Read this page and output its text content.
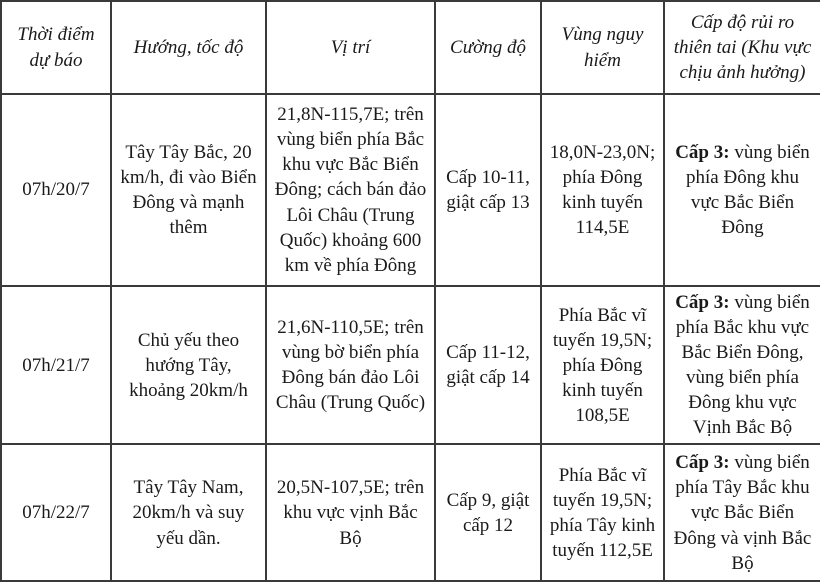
Thời điểm dự báo	Hướng, tốc độ	Vị trí	Cường độ	Vùng nguy hiểm	Cấp độ rủi ro thiên tai (Khu vực chịu ảnh hưởng)
07h/20/7	Tây Tây Bắc, 20 km/h, đi vào Biển Đông và mạnh thêm	21,8N-115,7E; trên vùng biển phía Bắc khu vực Bắc Biển Đông; cách bán đảo Lôi Châu (Trung Quốc) khoảng 600 km về phía Đông	Cấp 10-11, giật cấp 13	18,0N-23,0N; phía Đông kinh tuyến 114,5E	Cấp 3: vùng biển phía Đông khu vực Bắc Biển Đông
07h/21/7	Chủ yếu theo hướng Tây, khoảng 20km/h	21,6N-110,5E; trên vùng bờ biển phía Đông bán đảo Lôi Châu (Trung Quốc)	Cấp 11-12, giật cấp 14	Phía Bắc vĩ tuyến 19,5N; phía Đông kinh tuyến 108,5E	Cấp 3: vùng biển phía Bắc khu vực Bắc Biển Đông, vùng biển phía Đông khu vực Vịnh Bắc Bộ
07h/22/7	Tây Tây Nam, 20km/h và suy yếu dần.	20,5N-107,5E; trên khu vực vịnh Bắc Bộ	Cấp 9, giật cấp 12	Phía Bắc vĩ tuyến 19,5N; phía Tây kinh tuyến 112,5E	Cấp 3: vùng biển phía Tây Bắc khu vực Bắc Biển Đông và vịnh Bắc Bộ
